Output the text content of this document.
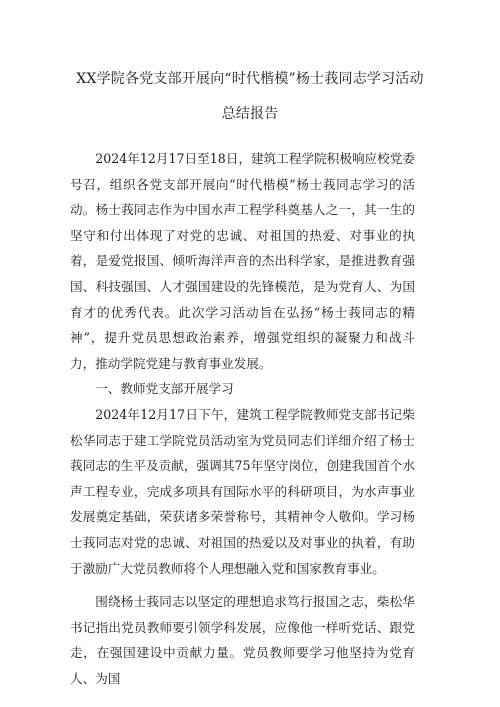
XX学院各党支部开展向“时代楷模”杨士莪同志学习活动
总结报告

2024年12月17日至18日，建筑工程学院积极响应校党委号召，组织各党支部开展向“时代楷模”杨士莪同志学习的活动。杨士莪同志作为中国水声工程学科奠基人之一，其一生的坚守和付出体现了对党的忠诚、对祖国的热爱、对事业的执着，是爱党报国、倾听海洋声音的杰出科学家，是推进教育强国、科技强国、人才强国建设的先锋模范，是为党育人、为国育才的优秀代表。此次学习活动旨在弘扬“杨士莪同志的精神”，提升党员思想政治素养，增强党组织的凝聚力和战斗力，推动学院党建与教育事业发展。

一、教师党支部开展学习

2024年12月17日下午，建筑工程学院教师党支部书记柴松华同志于建工学院党员活动室为党员同志们详细介绍了杨士莪同志的生平及贡献，强调其75年坚守岗位，创建我国首个水声工程专业，完成多项具有国际水平的科研项目，为水声事业发展奠定基础，荣获诸多荣誉称号，其精神令人敬仰。学习杨士莪同志对党的忠诚、对祖国的热爱以及对事业的执着，有助于激励广大党员教师将个人理想融入党和国家教育事业。

围绕杨士莪同志以坚定的理想追求笃行报国之志，柴松华书记指出党员教师要引领学科发展，应像他一样听党话、跟党走，在强国建设中贡献力量。党员教师要学习他坚持为党育人、为国
